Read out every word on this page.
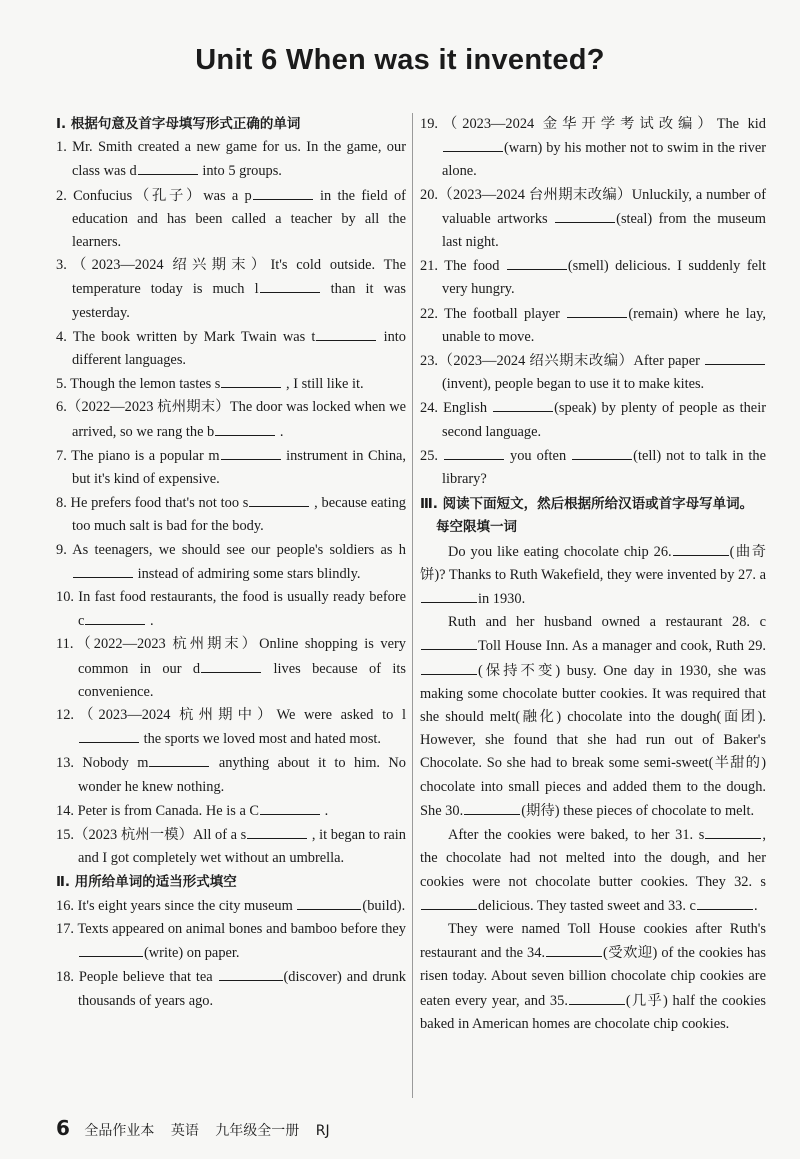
Unit 6 When was it invented?
Ⅰ. 根据句意及首字母填写形式正确的单词
1. Mr. Smith created a new game for us. In the game, our class was d	into 5 groups.
2. Confucius（孔子）was a p	in the field of education and has been called a teacher by all the learners.
3.（2023—2024 绍兴期末）It's cold outside. The temperature today is much l	than it was yesterday.
4. The book written by Mark Twain was t	into different languages.
5. Though the lemon tastes s	, I still like it.
6.（2022—2023 杭州期末）The door was locked when we arrived, so we rang the b	.
7. The piano is a popular m	instrument in China, but it's kind of expensive.
8. He prefers food that's not too s	, because eating too much salt is bad for the body.
9. As teenagers, we should see our people's soldiers as h instead of admiring some stars blindly.
10. In fast food restaurants, the food is usually ready before c	.
11.（2022—2023 杭州期末）Online shopping is very common in our d	lives because of its convenience.
12.（2023—2024 杭州期中）We were asked to l the sports we loved most and hated most.
13. Nobody m	anything about it to him. No wonder he knew nothing.
14. Peter is from Canada. He is a C	.
15.（2023 杭州一模）All of a s	, it began to rain and I got completely wet without an umbrella.
Ⅱ. 用所给单词的适当形式填空
16. It's eight years since the city museum	(build).
17. Texts appeared on animal bones and bamboo before they (write) on paper.
18. People believe that tea	(discover) and drunk thousands of years ago.
19.（2023—2024 金华开学考试改编）The kid (warn) by his mother not to swim in the river alone.
20.（2023—2024 台州期末改编）Unluckily, a number of valuable artworks	(steal) from the museum last night.
21. The food	(smell) delicious. I suddenly felt very hungry.
22. The football player	(remain) where he lay, unable to move.
23.（2023—2024 绍兴期末改编）After paper (invent), people began to use it to make kites.
24. English	(speak) by plenty of people as their second language.
25.	you often	(tell) not to talk in the library?
Ⅲ. 阅读下面短文，然后根据所给汉语或首字母写单词。每空限填一词
Do you like eating chocolate chip 26.	(曲奇饼)? Thanks to Ruth Wakefield, they were invented by 27. ain 1930.
Ruth and her husband owned a restaurant 28. cToll House Inn. As a manager and cook, Ruth 29.(保持不变) busy. One day in 1930, she was making some chocolate butter cookies. It was required that she should melt(融化) chocolate into the dough(面团). However, she found that she had run out of Baker's Chocolate. So she had to break some semi-sweet(半甜的) chocolate into small pieces and added them to the dough. She 30.	(期待) these pieces of chocolate to melt.
After the cookies were baked, to her 31. s	, the chocolate had not melted into the dough, and her cookies were not chocolate butter cookies. They 32. sdelicious. They tasted sweet and 33. c	.
They were named Toll House cookies after Ruth's restaurant and the 34.	(受欢迎) of the cookies has risen today. About seven billion chocolate chip cookies are eaten every year, and 35.	(几乎) half the cookies baked in American homes are chocolate chip cookies.
6 全品作业本 英语 九年级全一册 RJ
